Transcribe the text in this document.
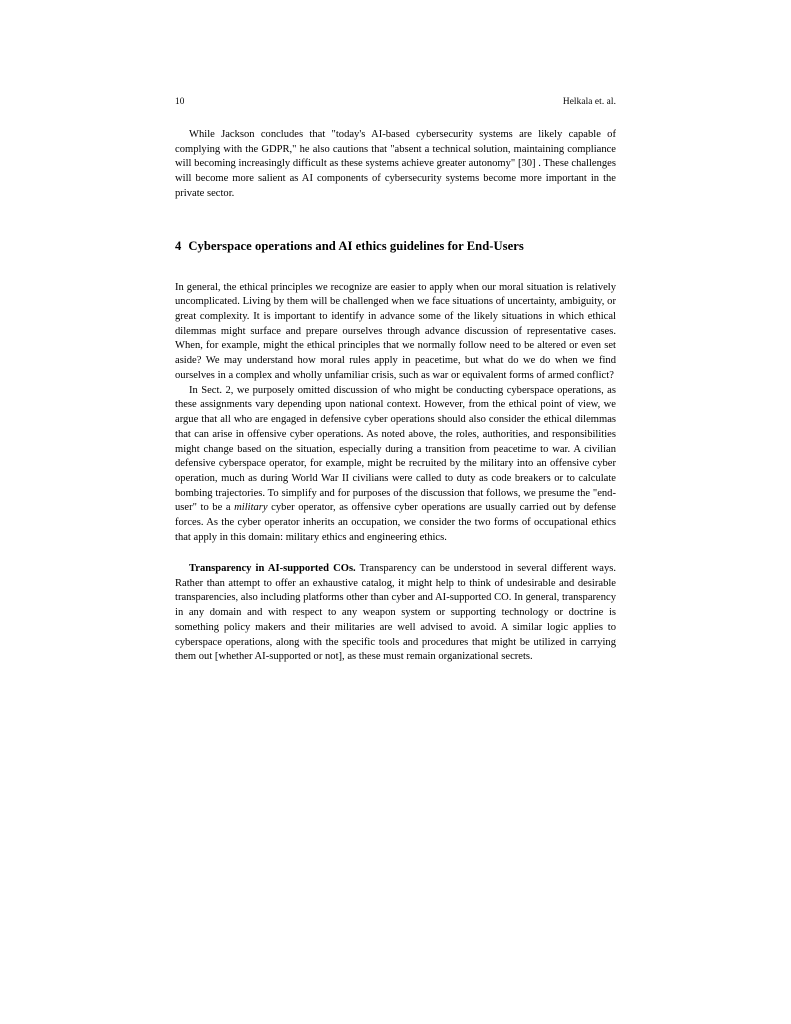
10	Helkala et. al.

While Jackson concludes that "today's AI-based cybersecurity systems are likely capable of complying with the GDPR," he also cautions that "absent a technical solution, maintaining compliance will becoming increasingly difficult as these systems achieve greater autonomy" [30] . These challenges will become more salient as AI components of cybersecurity systems become more important in the private sector.

4 Cyberspace operations and AI ethics guidelines for End-Users

In general, the ethical principles we recognize are easier to apply when our moral situation is relatively uncomplicated. Living by them will be challenged when we face situations of uncertainty, ambiguity, or great complexity. It is important to identify in advance some of the likely situations in which ethical dilemmas might surface and prepare ourselves through advance discussion of representative cases. When, for example, might the ethical principles that we normally follow need to be altered or even set aside? We may understand how moral rules apply in peacetime, but what do we do when we find ourselves in a complex and wholly unfamiliar crisis, such as war or equivalent forms of armed conflict?

In Sect. 2, we purposely omitted discussion of who might be conducting cyberspace operations, as these assignments vary depending upon national context. However, from the ethical point of view, we argue that all who are engaged in defensive cyber operations should also consider the ethical dilemmas that can arise in offensive cyber operations. As noted above, the roles, authorities, and responsibilities might change based on the situation, especially during a transition from peacetime to war. A civilian defensive cyberspace operator, for example, might be recruited by the military into an offensive cyber operation, much as during World War II civilians were called to duty as code breakers or to calculate bombing trajectories. To simplify and for purposes of the discussion that follows, we presume the "end-user" to be a military cyber operator, as offensive cyber operations are usually carried out by defense forces. As the cyber operator inherits an occupation, we consider the two forms of occupational ethics that apply in this domain: military ethics and engineering ethics.

Transparency in AI-supported COs. Transparency can be understood in several different ways. Rather than attempt to offer an exhaustive catalog, it might help to think of undesirable and desirable transparencies, also including platforms other than cyber and AI-supported CO. In general, transparency in any domain and with respect to any weapon system or supporting technology or doctrine is something policy makers and their militaries are well advised to avoid. A similar logic applies to cyberspace operations, along with the specific tools and procedures that might be utilized in carrying them out [whether AI-supported or not], as these must remain organizational secrets.
